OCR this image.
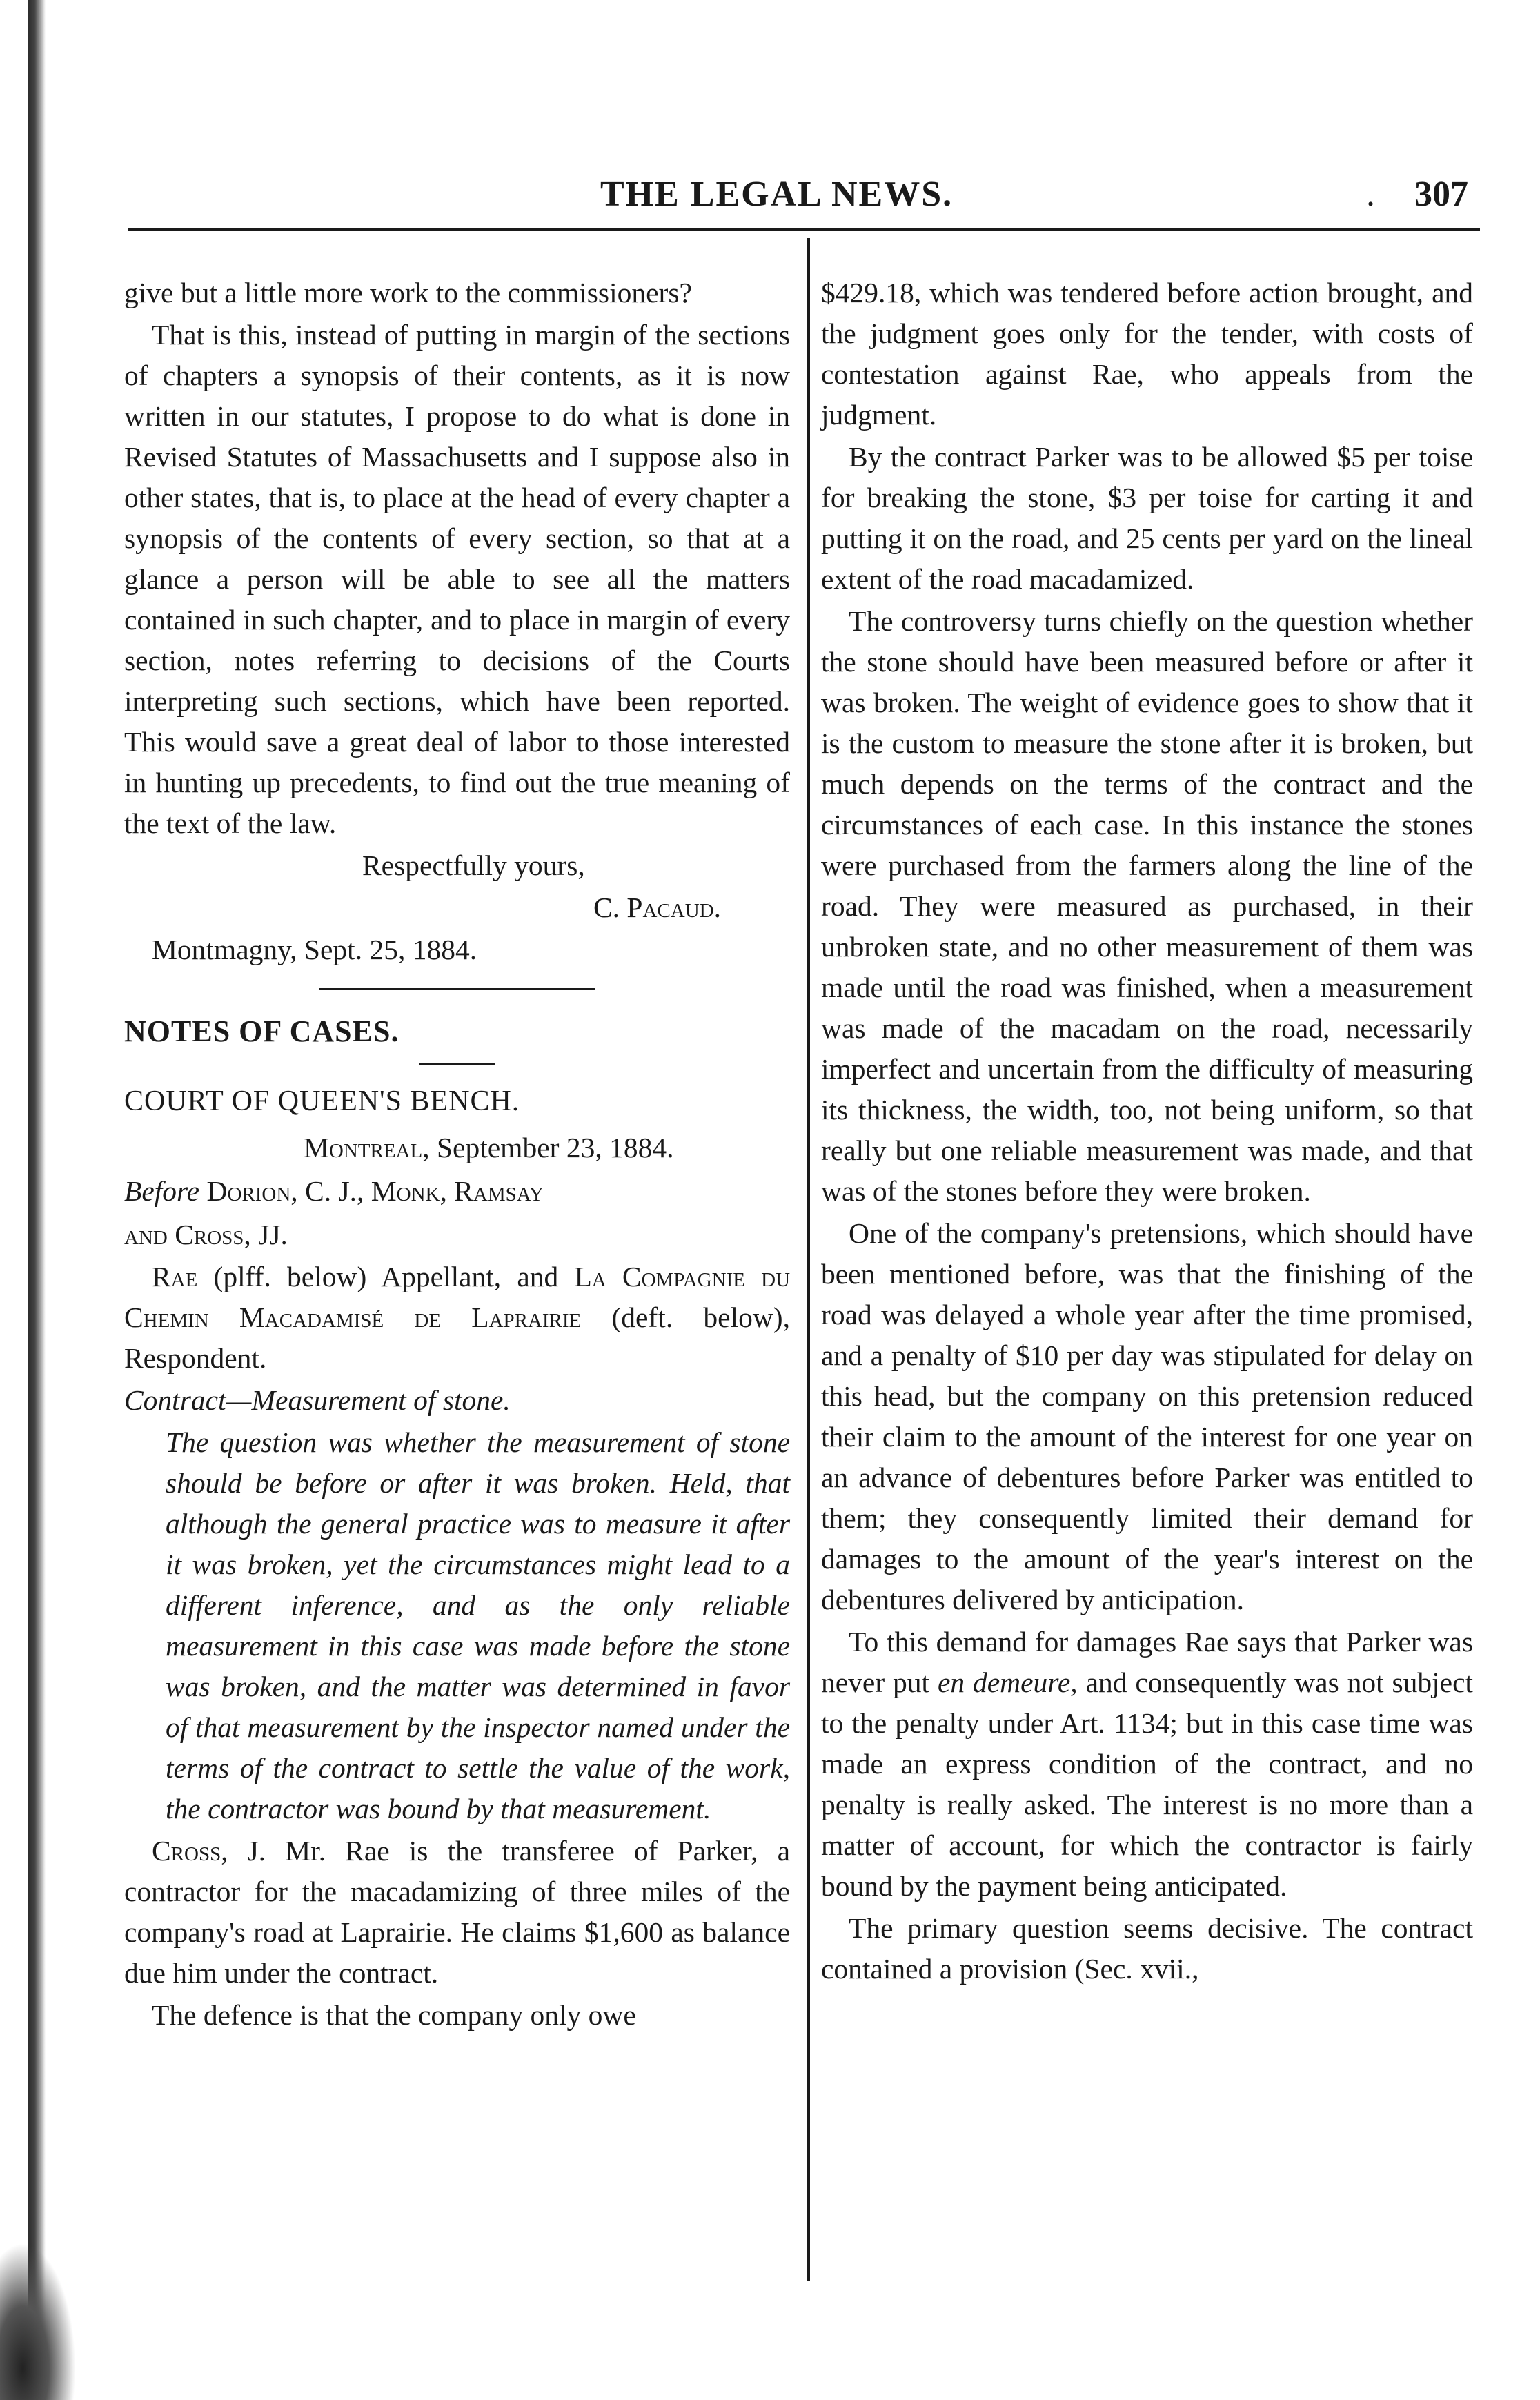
THE LEGAL NEWS.	. 307

give but a little more work to the commissioners?

That is this, instead of putting in margin of the sections of chapters a synopsis of their contents, as it is now written in our statutes, I propose to do what is done in Revised Statutes of Massachusetts and I suppose also in other states, that is, to place at the head of every chapter a synopsis of the contents of every section, so that at a glance a person will be able to see all the matters contained in such chapter, and to place in margin of every section, notes referring to decisions of the Courts interpreting such sections, which have been reported. This would save a great deal of labor to those interested in hunting up precedents, to find out the true meaning of the text of the law.

Respectfully yours,

C. Pacaud.

Montmagny, Sept. 25, 1884.

NOTES OF CASES.

COURT OF QUEEN'S BENCH.

Montreal, September 23, 1884.

Before Dorion, C. J., Monk, Ramsay

and Cross, JJ.

Rae (plff. below) Appellant, and La Compagnie du Chemin Macadamisé de Laprairie (deft. below), Respondent.

Contract—Measurement of stone.

The question was whether the measurement of stone should be before or after it was broken. Held, that although the general practice was to measure it after it was broken, yet the circumstances might lead to a different inference, and as the only reliable measurement in this case was made before the stone was broken, and the matter was determined in favor of that measurement by the inspector named under the terms of the contract to settle the value of the work, the contractor was bound by that measurement.

Cross, J. Mr. Rae is the transferee of Parker, a contractor for the macadamizing of three miles of the company's road at Laprairie. He claims $1,600 as balance due him under the contract.

The defence is that the company only owe

$429.18, which was tendered before action brought, and the judgment goes only for the tender, with costs of contestation against Rae, who appeals from the judgment.

By the contract Parker was to be allowed $5 per toise for breaking the stone, $3 per toise for carting it and putting it on the road, and 25 cents per yard on the lineal extent of the road macadamized.

The controversy turns chiefly on the question whether the stone should have been measured before or after it was broken. The weight of evidence goes to show that it is the custom to measure the stone after it is broken, but much depends on the terms of the contract and the circumstances of each case. In this instance the stones were purchased from the farmers along the line of the road. They were measured as purchased, in their unbroken state, and no other measurement of them was made until the road was finished, when a measurement was made of the macadam on the road, necessarily imperfect and uncertain from the difficulty of measuring its thickness, the width, too, not being uniform, so that really but one reliable measurement was made, and that was of the stones before they were broken.

One of the company's pretensions, which should have been mentioned before, was that the finishing of the road was delayed a whole year after the time promised, and a penalty of $10 per day was stipulated for delay on this head, but the company on this pretension reduced their claim to the amount of the interest for one year on an advance of debentures before Parker was entitled to them; they consequently limited their demand for damages to the amount of the year's interest on the debentures delivered by anticipation.

To this demand for damages Rae says that Parker was never put en demeure, and consequently was not subject to the penalty under Art. 1134; but in this case time was made an express condition of the contract, and no penalty is really asked. The interest is no more than a matter of account, for which the contractor is fairly bound by the payment being anticipated.

The primary question seems decisive. The contract contained a provision (Sec. xvii.,
